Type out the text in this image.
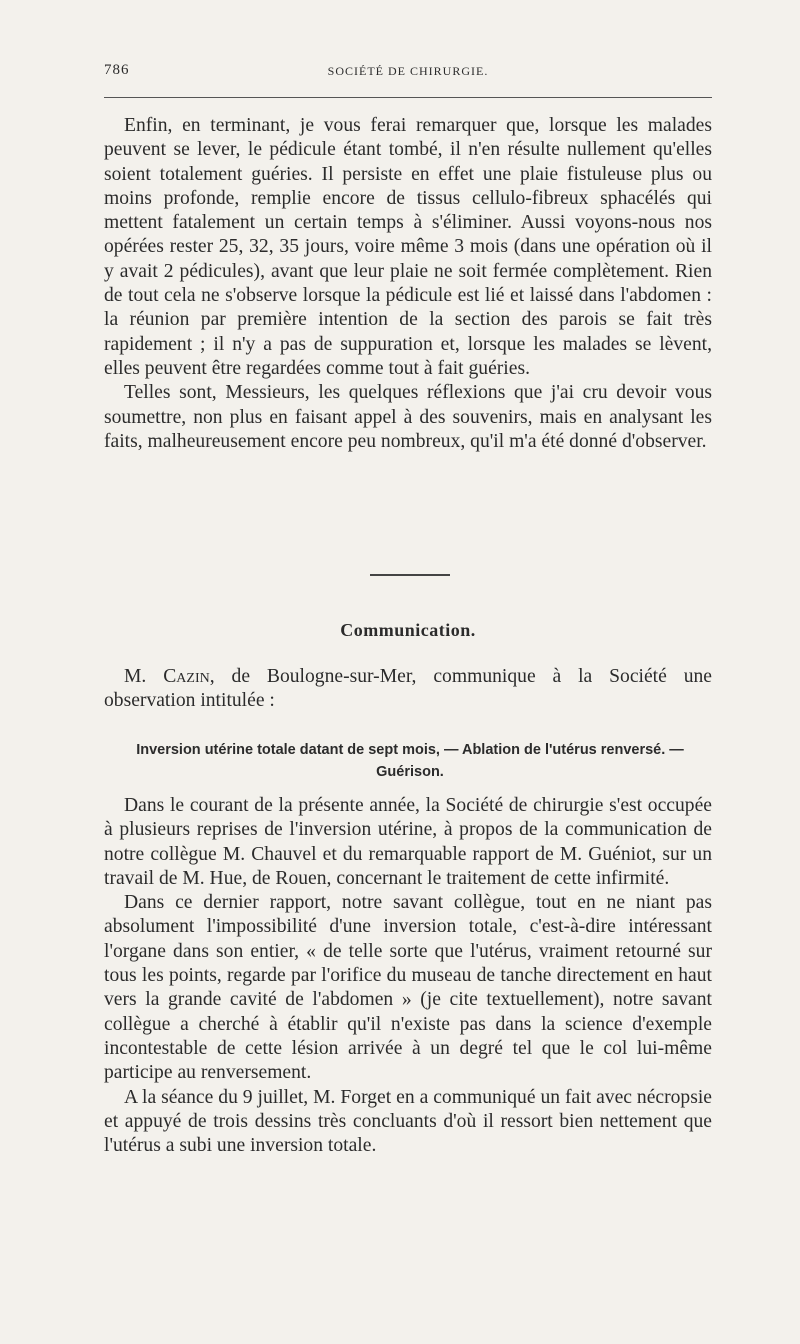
786	SOCIÉTÉ DE CHIRURGIE.

Enfin, en terminant, je vous ferai remarquer que, lorsque les malades peuvent se lever, le pédicule étant tombé, il n'en résulte nullement qu'elles soient totalement guéries. Il persiste en effet une plaie fistuleuse plus ou moins profonde, remplie encore de tissus cellulo-fibreux sphacélés qui mettent fatalement un certain temps à s'éliminer. Aussi voyons-nous nos opérées rester 25, 32, 35 jours, voire même 3 mois (dans une opération où il y avait 2 pédicules), avant que leur plaie ne soit fermée complètement. Rien de tout cela ne s'observe lorsque la pédicule est lié et laissé dans l'abdomen : la réunion par première intention de la section des parois se fait très rapidement ; il n'y a pas de suppuration et, lorsque les malades se lèvent, elles peuvent être regardées comme tout à fait guéries.

Telles sont, Messieurs, les quelques réflexions que j'ai cru devoir vous soumettre, non plus en faisant appel à des souvenirs, mais en analysant les faits, malheureusement encore peu nombreux, qu'il m'a été donné d'observer.

Communication.

M. Cazin, de Boulogne-sur-Mer, communique à la Société une observation intitulée :

Inversion utérine totale datant de sept mois, — Ablation de l'utérus renversé. — Guérison.

Dans le courant de la présente année, la Société de chirurgie s'est occupée à plusieurs reprises de l'inversion utérine, à propos de la communication de notre collègue M. Chauvel et du remarquable rapport de M. Guéniot, sur un travail de M. Hue, de Rouen, concernant le traitement de cette infirmité.

Dans ce dernier rapport, notre savant collègue, tout en ne niant pas absolument l'impossibilité d'une inversion totale, c'est-à-dire intéressant l'organe dans son entier, « de telle sorte que l'utérus, vraiment retourné sur tous les points, regarde par l'orifice du museau de tanche directement en haut vers la grande cavité de l'abdomen » (je cite textuellement), notre savant collègue a cherché à établir qu'il n'existe pas dans la science d'exemple incontestable de cette lésion arrivée à un degré tel que le col lui-même participe au renversement.

A la séance du 9 juillet, M. Forget en a communiqué un fait avec nécropsie et appuyé de trois dessins très concluants d'où il ressort bien nettement que l'utérus a subi une inversion totale.
